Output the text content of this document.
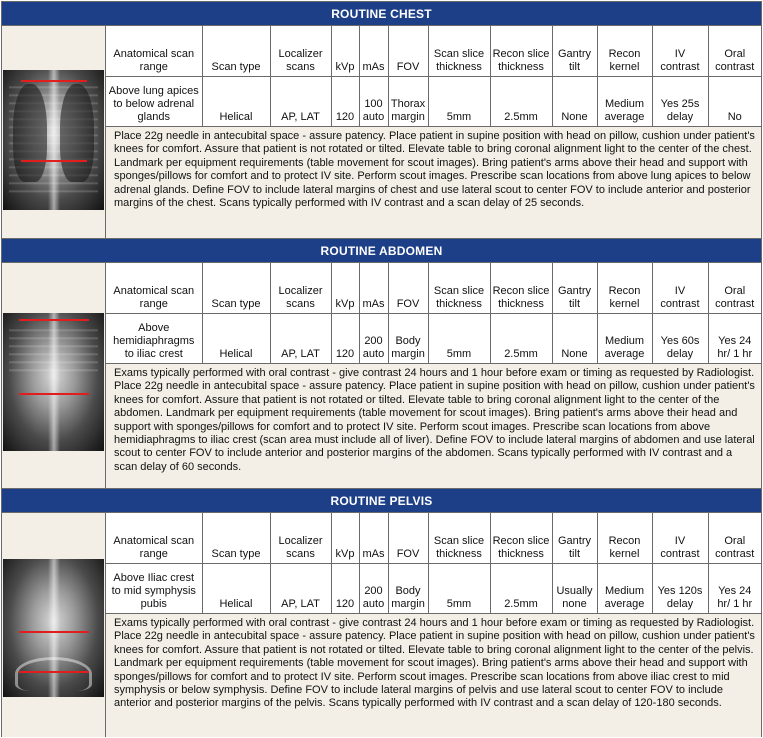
ROUTINE CHEST
Anatomical scan range	Scan type	Localizer scans	kVp	mAs	FOV	Scan slice thickness	Recon slice thickness	Gantry tilt	Recon kernel	IV contrast	Oral contrast
Above lung apices to below adrenal glands	Helical	AP, LAT	120	100 auto	Thorax margin	5mm	2.5mm	None	Medium average	Yes 25s delay	No
Place 22g needle in antecubital space - assure patency. Place patient in supine position with head on pillow, cushion under patient's knees for comfort. Assure that patient is not rotated or tilted. Elevate table to bring coronal alignment light to the center of the chest. Landmark per equipment requirements (table movement for scout images). Bring patient's arms above their head and support with sponges/pillows for comfort and to protect IV site. Perform scout images. Prescribe scan locations from above lung apices to below adrenal glands. Define FOV to include lateral margins of chest and use lateral scout to center FOV to include anterior and posterior margins of the chest. Scans typically performed with IV contrast and a scan delay of 25 seconds.
ROUTINE ABDOMEN
Anatomical scan range	Scan type	Localizer scans	kVp	mAs	FOV	Scan slice thickness	Recon slice thickness	Gantry tilt	Recon kernel	IV contrast	Oral contrast
Above hemidiaphragms to iliac crest	Helical	AP, LAT	120	200 auto	Body margin	5mm	2.5mm	None	Medium average	Yes 60s delay	Yes 24 hr/ 1 hr
Exams typically performed with oral contrast - give contrast 24 hours and 1 hour before exam or timing as requested by Radiologist. Place 22g needle in antecubital space - assure patency. Place patient in supine position with head on pillow, cushion under patient's knees for comfort. Assure that patient is not rotated or tilted. Elevate table to bring coronal alignment light to the center of the abdomen. Landmark per equipment requirements (table movement for scout images). Bring patient's arms above their head and support with sponges/pillows for comfort and to protect IV site. Perform scout images. Prescribe scan locations from above hemidiaphragms to iliac crest (scan area must include all of liver). Define FOV to include lateral margins of abdomen and use lateral scout to center FOV to include anterior and posterior margins of the abdomen. Scans typically performed with IV contrast and a scan delay of 60 seconds.
ROUTINE PELVIS
Anatomical scan range	Scan type	Localizer scans	kVp	mAs	FOV	Scan slice thickness	Recon slice thickness	Gantry tilt	Recon kernel	IV contrast	Oral contrast
Above Iliac crest to mid symphysis pubis	Helical	AP, LAT	120	200 auto	Body margin	5mm	2.5mm	Usually none	Medium average	Yes 120s delay	Yes 24 hr/ 1 hr
Exams typically performed with oral contrast - give contrast 24 hours and 1 hour before exam or timing as requested by Radiologist. Place 22g needle in antecubital space - assure patency. Place patient in supine position with head on pillow, cushion under patient's knees for comfort. Assure that patient is not rotated or tilted. Elevate table to bring coronal alignment light to the center of the pelvis. Landmark per equipment requirements (table movement for scout images). Bring patient's arms above their head and support with sponges/pillows for comfort and to protect IV site. Perform scout images. Prescribe scan locations from above iliac crest to mid symphysis or below symphysis. Define FOV to include lateral margins of pelvis and use lateral scout to center FOV to include anterior and posterior margins of the pelvis. Scans typically performed with IV contrast and a scan delay of 120-180 seconds.
